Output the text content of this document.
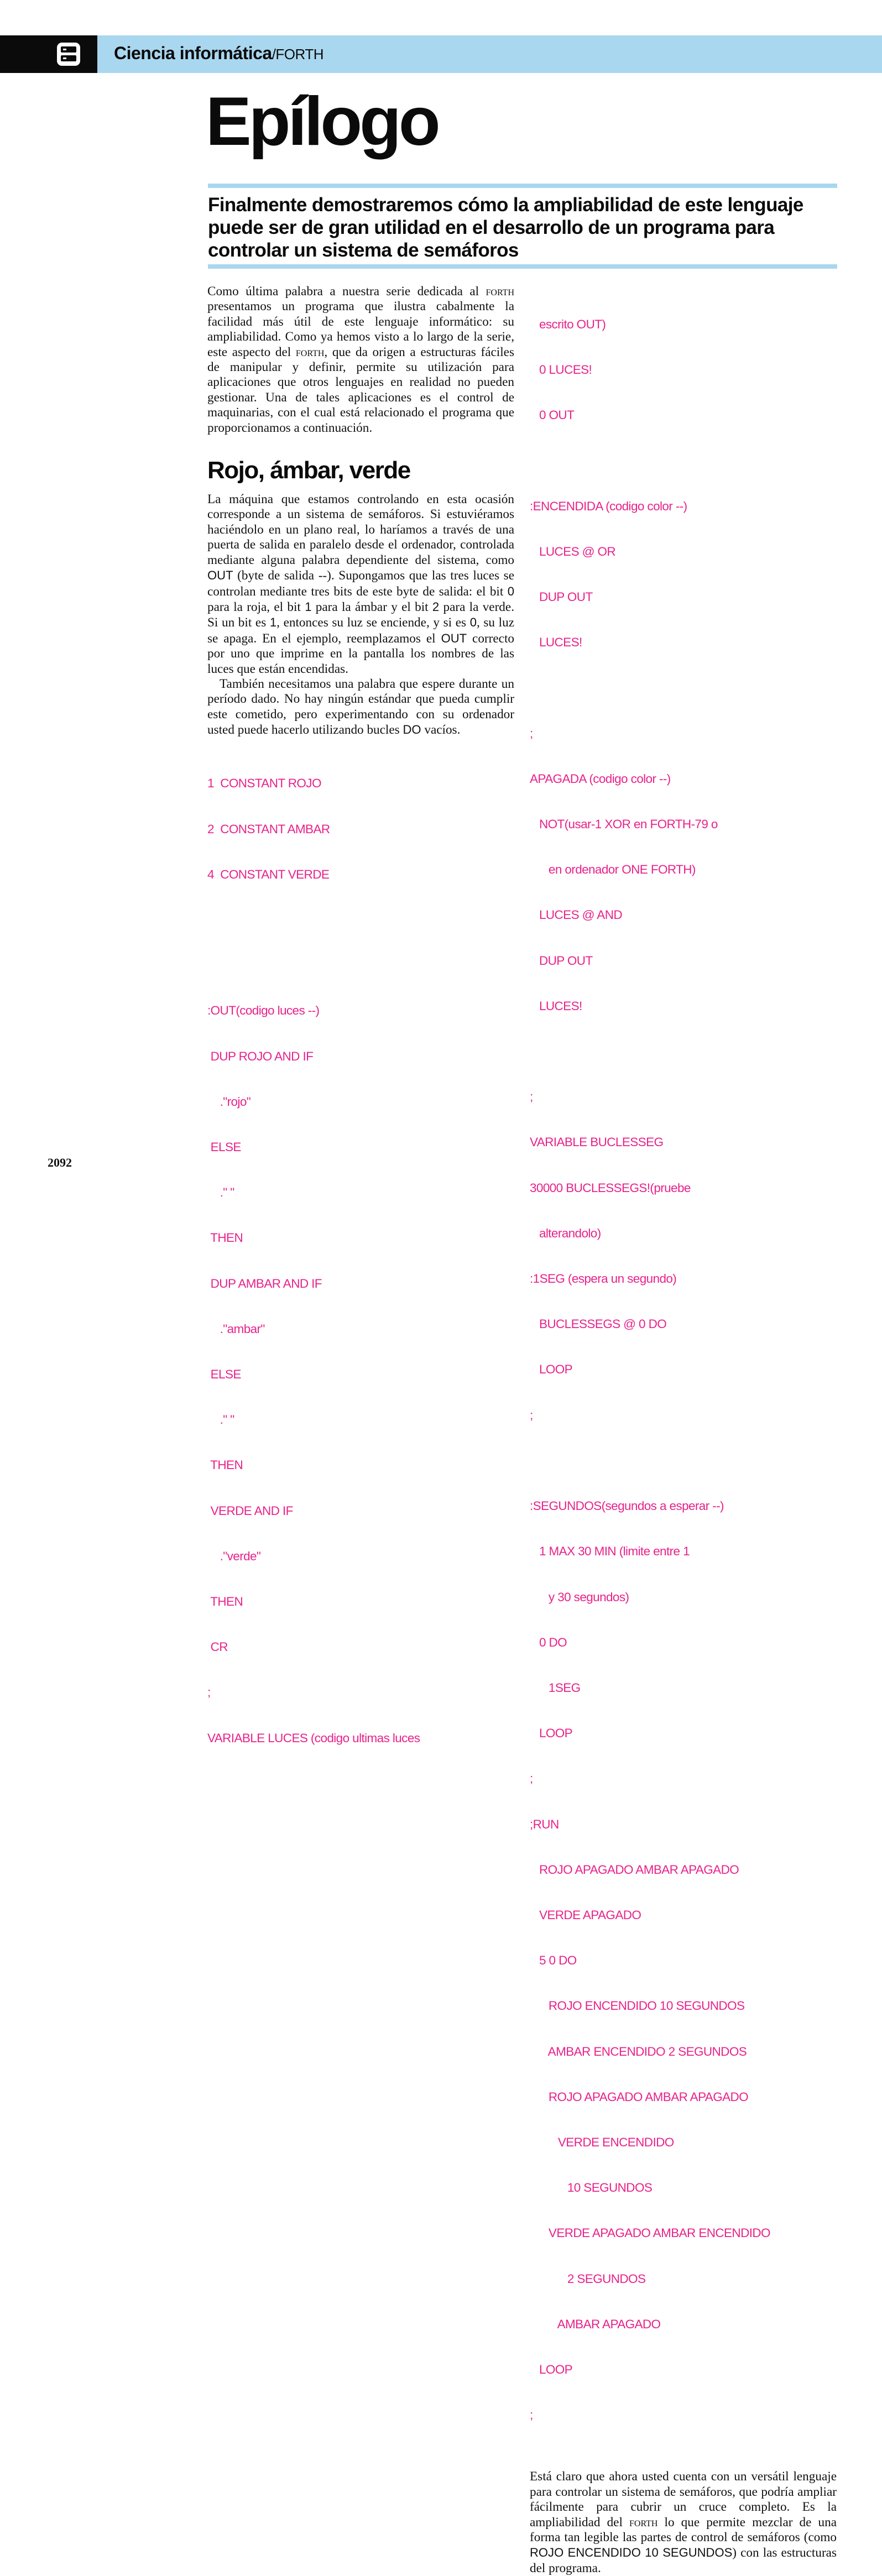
Ciencia informática/FORTH
Epílogo

Finalmente demostraremos cómo la ampliabilidad de este lenguaje puede ser de gran utilidad en el desarrollo de un programa para controlar un sistema de semáforos

Como última palabra a nuestra serie dedicada al forth presentamos un programa que ilustra cabalmente la facilidad más útil de este lenguaje informático: su ampliabilidad. Como ya hemos visto a lo largo de la serie, este aspecto del forth, que da origen a estructuras fáciles de manipular y definir, permite su utilización para aplicaciones que otros lenguajes en realidad no pueden gestionar. Una de tales aplicaciones es el control de maquinarias, con el cual está relacionado el programa que proporcionamos a continuación.

Rojo, ámbar, verde

La máquina que estamos controlando en esta ocasión corresponde a un sistema de semáforos. Si estuviéramos haciéndolo en un plano real, lo haríamos a través de una puerta de salida en paralelo desde el ordenador, controlada mediante alguna palabra dependiente del sistema, como OUT (byte de salida --). Supongamos que las tres luces se controlan mediante tres bits de este byte de salida: el bit 0 para la roja, el bit 1 para la ámbar y el bit 2 para la verde. Si un bit es 1, entonces su luz se enciende, y si es 0, su luz se apaga. En el ejemplo, reemplazamos el OUT correcto por uno que imprime en la pantalla los nombres de las luces que están encendidas.

También necesitamos una palabra que espere durante un período dado. No hay ningún estándar que pueda cumplir este cometido, pero experimentando con su ordenador usted puede hacerlo utilizando bucles DO vacíos.

1  CONSTANT ROJO

2  CONSTANT AMBAR

4  CONSTANT VERDE

:OUT(codigo luces --)

DUP ROJO AND IF

."rojo"

ELSE

." "

THEN

DUP AMBAR AND IF

."ambar"

ELSE

." "

THEN

VERDE AND IF

."verde"

THEN

CR

;

VARIABLE LUCES (codigo ultimas luces

escrito OUT)

0 LUCES!

0 OUT

:ENCENDIDA (codigo color --)

LUCES @ OR

DUP OUT

LUCES!

;

APAGADA (codigo color --)

NOT(usar-1 XOR en FORTH-79 o

en ordenador ONE FORTH)

LUCES @ AND

DUP OUT

LUCES!

;

VARIABLE BUCLESSEG

30000 BUCLESSEGS!(pruebe

alterandolo)

:1SEG (espera un segundo)

BUCLESSEGS @ 0 DO

LOOP

;

:SEGUNDOS(segundos a esperar --)

1 MAX 30 MIN (limite entre 1

y 30 segundos)

0 DO

1SEG

LOOP

;

;RUN

ROJO APAGADO AMBAR APAGADO

VERDE APAGADO

5 0 DO

ROJO ENCENDIDO 10 SEGUNDOS

AMBAR ENCENDIDO 2 SEGUNDOS

ROJO APAGADO AMBAR APAGADO

VERDE ENCENDIDO

10 SEGUNDOS

VERDE APAGADO AMBAR ENCENDIDO

2 SEGUNDOS

AMBAR APAGADO

LOOP

;

Está claro que ahora usted cuenta con un versátil lenguaje para controlar un sistema de semáforos, que podría ampliar fácilmente para cubrir un cruce completo. Es la ampliabilidad del forth lo que permite mezclar de una forma tan legible las partes de control de semáforos (como ROJO ENCENDIDO 10 SEGUNDOS) con las estructuras del programa.

2092
